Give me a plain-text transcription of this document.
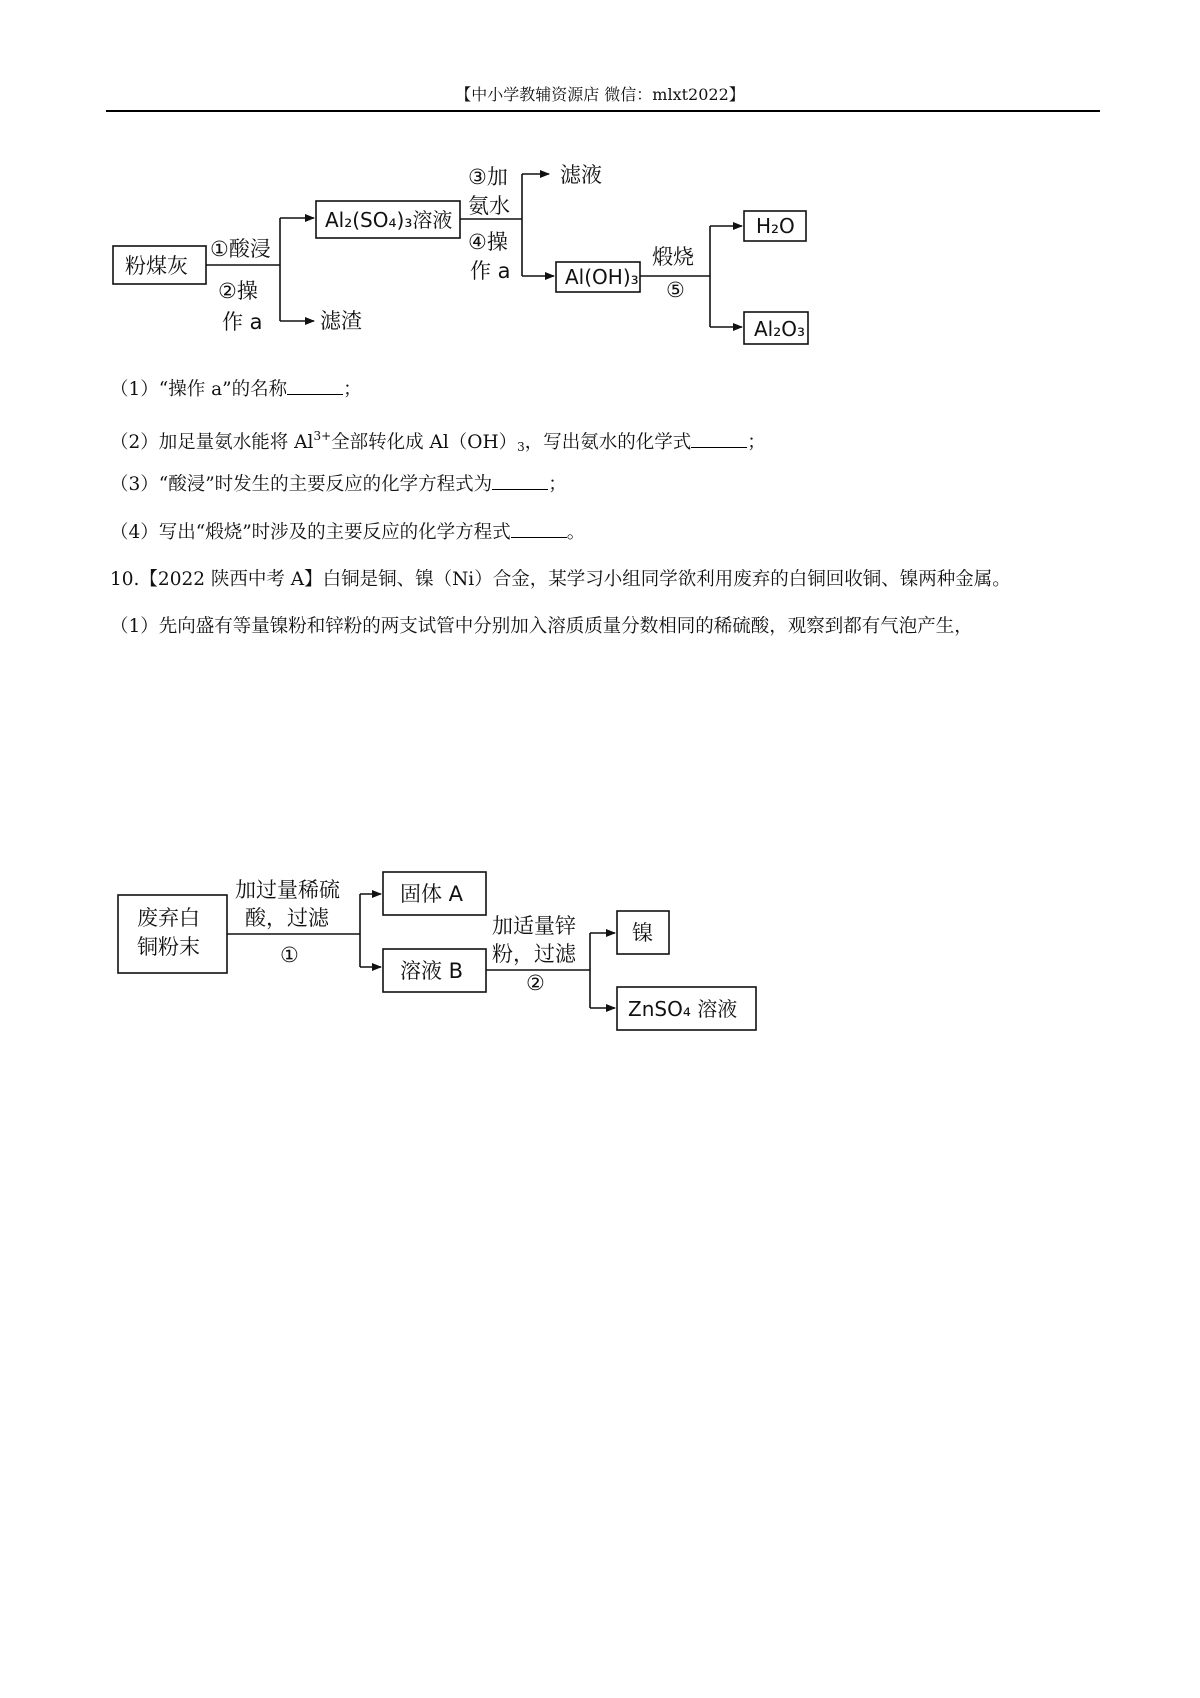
【中小学教辅资源店 微信：mlxt2022】
粉煤灰
①酸浸
②操
作 a	滤渣
Al₂(SO₄)₃溶液
③加
氨水
④操
作 a
滤液
Al(OH)₃
煅烧
⑤
H₂O
Al₂O₃
废弃白
铜粉末
加过量稀硫
酸，过滤
①
固体 A
溶液 B
加适量锌
粉，过滤
②
镍
ZnSO₄ 溶液
（1）“操作 a”的名称	；
（2）加足量氨水能将 $Al^{3+}$全部转化成 $Al(OH)_3$，写出氨水的化学式	；
（3）“酸浸”时发生的主要反应的化学方程式为	；
（4）写出“煅烧”时涉及的主要反应的化学方程式	。
10.【2022 陕西中考 A】白铜是铜、镍（Ni）合金，某学习小组同学欲利用废弃的白铜回收铜、镍两种金属。
（1）先向盛有等量镍粉和锌粉的两支试管中分别加入溶质质量分数相同的稀硫酸，观察到都有气泡产生，
